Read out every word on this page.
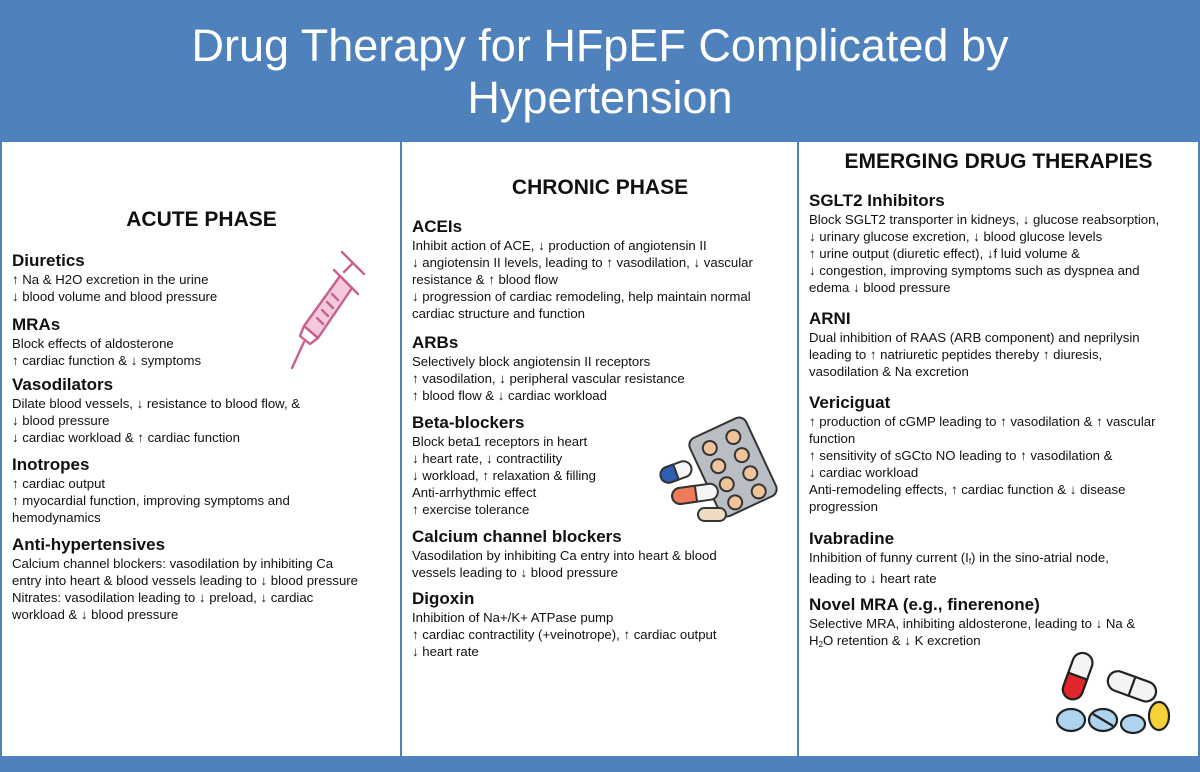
Drug Therapy for HFpEF Complicated by
Hypertension
ACUTE PHASE
Diuretics
↑ Na & H2O excretion in the urine
↓ blood volume and blood pressure
MRAs
Block effects of aldosterone
↑ cardiac function & ↓ symptoms
Vasodilators
Dilate blood vessels, ↓ resistance to blood flow, &
↓ blood pressure
↓ cardiac workload & ↑ cardiac function
Inotropes
↑ cardiac output
↑ myocardial function, improving symptoms and
hemodynamics
Anti-hypertensives
Calcium channel blockers: vasodilation by inhibiting Ca
entry into heart & blood vessels leading to ↓ blood pressure
Nitrates: vasodilation leading to ↓ preload, ↓ cardiac
workload & ↓ blood pressure
CHRONIC PHASE
ACEIs
Inhibit action of ACE, ↓ production of angiotensin II
↓ angiotensin II levels, leading to ↑ vasodilation, ↓ vascular
resistance & ↑ blood flow
↓ progression of cardiac remodeling, help maintain normal
cardiac structure and function
ARBs
Selectively block angiotensin II receptors
↑ vasodilation, ↓ peripheral vascular resistance
↑ blood flow & ↓ cardiac workload
Beta-blockers
Block beta1 receptors in heart
↓ heart rate, ↓ contractility
↓ workload, ↑ relaxation & filling
Anti-arrhythmic effect
↑ exercise tolerance
Calcium channel blockers
Vasodilation by inhibiting Ca entry into heart & blood
vessels leading to ↓ blood pressure
Digoxin
Inhibition of Na+/K+ ATPase pump
↑ cardiac contractility (+veinotrope), ↑ cardiac output
↓ heart rate
EMERGING DRUG THERAPIES
SGLT2 Inhibitors
Block SGLT2 transporter in kidneys, ↓ glucose reabsorption,
↓ urinary glucose excretion, ↓ blood glucose levels
↑ urine output (diuretic effect), ↓f luid volume &
↓ congestion, improving symptoms such as dyspnea and
edema ↓ blood pressure
ARNI
Dual inhibition of RAAS (ARB component) and neprilysin
leading to ↑ natriuretic peptides thereby ↑ diuresis,
vasodilation & Na excretion
Vericiguat
↑ production of cGMP leading to ↑ vasodilation & ↑ vascular
function
↑ sensitivity of sGCto NO leading to ↑ vasodilation &
↓ cardiac workload
Anti-remodeling effects, ↑ cardiac function & ↓ disease
progression
Ivabradine
Inhibition of funny current $(I_f)$ in the sino-atrial node,
leading to ↓ heart rate
Novel MRA (e.g., finerenone)
Selective MRA, inhibiting aldosterone, leading to ↓ Na &
$H_2O$ retention & ↓ K excretion
